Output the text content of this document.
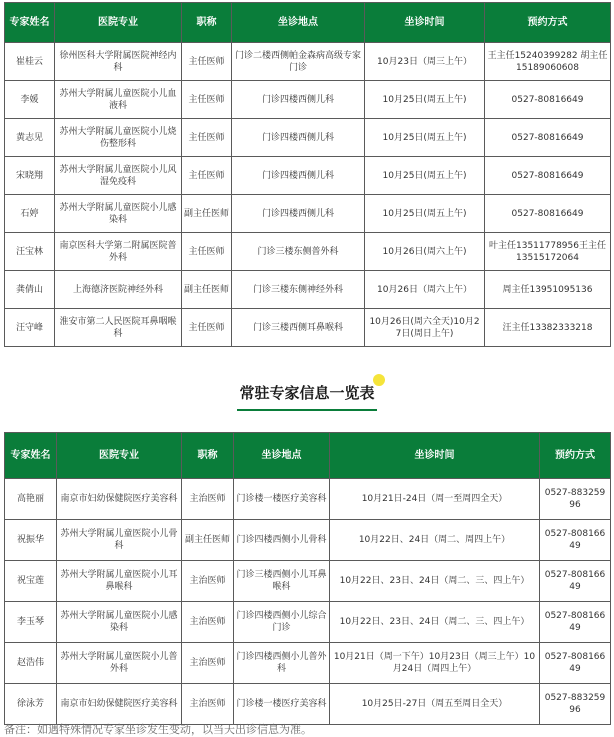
专家姓名	医院专业	职称	坐诊地点	坐诊时间	预约方式
崔桂云	徐州医科大学附属医院神经内科	主任医师	门诊二楼西侧帕金森病高级专家门诊	10月23日（周三上午）	王主任15240399282 胡主任15189060608
李媛	苏州大学附属儿童医院小儿血液科	主任医师	门诊四楼西侧儿科	10月25日(周五上午)	0527-80816649
黄志见	苏州大学附属儿童医院小儿烧伤整形科	主任医师	门诊四楼西侧儿科	10月25日(周五上午)	0527-80816649
宋晓翔	苏州大学附属儿童医院小儿风湿免疫科	主任医师	门诊四楼西侧儿科	10月25日(周五上午)	0527-80816649
石婷	苏州大学附属儿童医院小儿感染科	副主任医师	门诊四楼西侧儿科	10月25日(周五上午)	0527-80816649
汪宝林	南京医科大学第二附属医院普外科	主任医师	门诊三楼东侧普外科	10月26日(周六上午)	叶主任13511778956王主任13515172064
龚倩山	上海德济医院神经外科	副主任医师	门诊三楼东侧神经外科	10月26日（周六上午）	周主任13951095136
汪守峰	淮安市第二人民医院耳鼻咽喉科	主任医师	门诊三楼西侧耳鼻喉科	10月26日(周六全天)10月27日(周日上午)	汪主任13382333218
常驻专家信息一览表
专家姓名	医院专业	职称	坐诊地点	坐诊时间	预约方式
高艳丽	南京市妇幼保健院医疗美容科	主治医师	门诊楼一楼医疗美容科	10月21日-24日（周一至周四全天）	0527-88325996
祝振华	苏州大学附属儿童医院小儿骨科	副主任医师	门诊四楼西侧小儿骨科	10月22日、24日（周二、周四上午）	0527-80816649
祝宝莲	苏州大学附属儿童医院小儿耳鼻喉科	主治医师	门诊三楼西侧小儿耳鼻喉科	10月22日、23日、24日（周二、三、四上午）	0527-80816649
李玉琴	苏州大学附属儿童医院小儿感染科	主治医师	门诊四楼西侧小儿综合门诊	10月22日、23日、24日（周二、三、四上午）	0527-80816649
赵浩伟	苏州大学附属儿童医院小儿普外科	主治医师	门诊四楼西侧小儿普外科	10月21日（周一下午）10月23日（周三上午）10月24日（周四上午）	0527-80816649
徐泳芳	南京市妇幼保健院医疗美容科	主治医师	门诊楼一楼医疗美容科	10月25日-27日（周五至周日全天）	0527-88325996
备注：如遇特殊情况专家坐诊发生变动，以当天出诊信息为准。
